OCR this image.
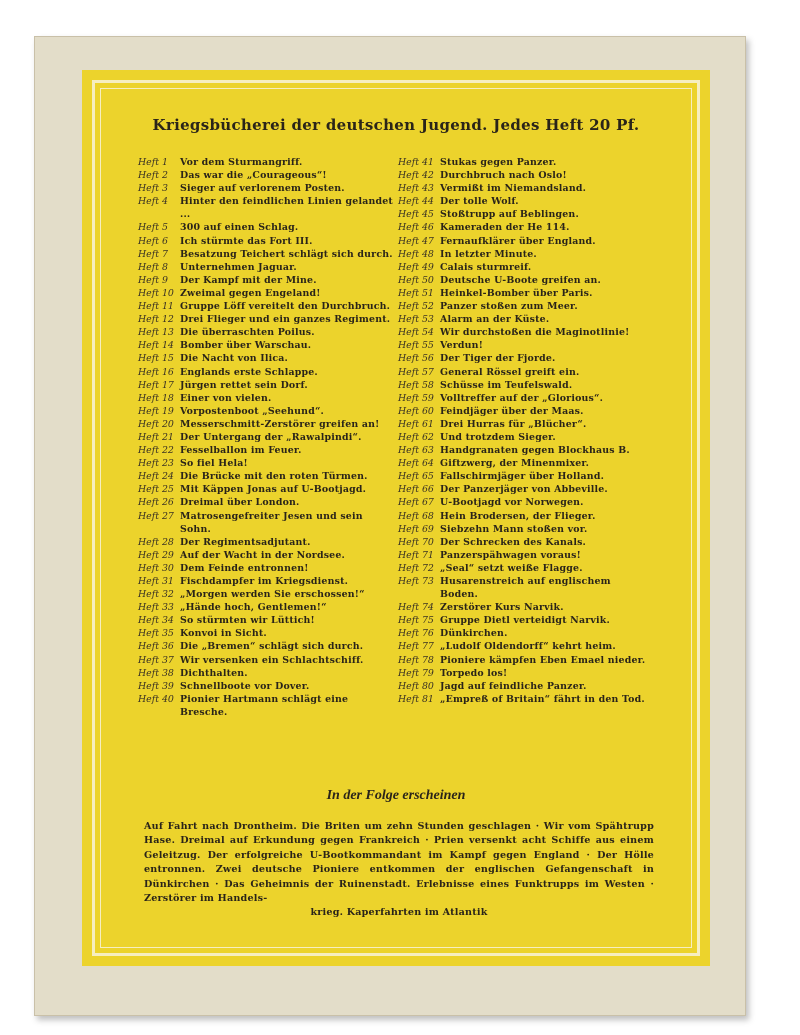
Kriegsbücherei der deutschen Jugend. Jedes Heft 20 Pf.
Heft 1	Vor dem Sturmangriff.
Heft 2	Das war die „Courageous“!
Heft 3	Sieger auf verlorenem Posten.
Heft 4	Hinter den feindlichen Linien gelandet ...
Heft 5	300 auf einen Schlag.
Heft 6	Ich stürmte das Fort III.
Heft 7	Besatzung Teichert schlägt sich durch.
Heft 8	Unternehmen Jaguar.
Heft 9	Der Kampf mit der Mine.
Heft 10 Zweimal gegen Engeland!
Heft 11 Gruppe Löff vereitelt den Durchbruch.
Heft 12 Drei Flieger und ein ganzes Regiment.
Heft 13 Die überraschten Poilus.
Heft 14 Bomber über Warschau.
Heft 15 Die Nacht von Ilica.
Heft 16 Englands erste Schlappe.
Heft 17 Jürgen rettet sein Dorf.
Heft 18 Einer von vielen.
Heft 19 Vorpostenboot „Seehund“.
Heft 20 Messerschmitt-Zerstörer greifen an!
Heft 21 Der Untergang der „Rawalpindi“.
Heft 22 Fesselballon im Feuer.
Heft 23 So fiel Hela!
Heft 24 Die Brücke mit den roten Türmen.
Heft 25 Mit Käppen Jonas auf U-Bootjagd.
Heft 26 Dreimal über London.
Heft 27 Matrosengefreiter Jesen und sein Sohn.
Heft 28 Der Regimentsadjutant.
Heft 29 Auf der Wacht in der Nordsee.
Heft 30 Dem Feinde entronnen!
Heft 31 Fischdampfer im Kriegsdienst.
Heft 32 „Morgen werden Sie erschossen!“
Heft 33 „Hände hoch, Gentlemen!“
Heft 34 So stürmten wir Lüttich!
Heft 35 Konvoi in Sicht.
Heft 36 Die „Bremen“ schlägt sich durch.
Heft 37 Wir versenken ein Schlachtschiff.
Heft 38 Dichthalten.
Heft 39 Schnellboote vor Dover.
Heft 40 Pionier Hartmann schlägt eine Bresche.
Heft 41 Stukas gegen Panzer.
Heft 42 Durchbruch nach Oslo!
Heft 43 Vermißt im Niemandsland.
Heft 44 Der tolle Wolf.
Heft 45 Stoßtrupp auf Beblingen.
Heft 46 Kameraden der He 114.
Heft 47 Fernaufklärer über England.
Heft 48 In letzter Minute.
Heft 49 Calais sturmreif.
Heft 50 Deutsche U-Boote greifen an.
Heft 51 Heinkel-Bomber über Paris.
Heft 52 Panzer stoßen zum Meer.
Heft 53 Alarm an der Küste.
Heft 54 Wir durchstoßen die Maginotlinie!
Heft 55 Verdun!
Heft 56 Der Tiger der Fjorde.
Heft 57 General Rössel greift ein.
Heft 58 Schüsse im Teufelswald.
Heft 59 Volltreffer auf der „Glorious“.
Heft 60 Feindjäger über der Maas.
Heft 61 Drei Hurras für „Blücher“.
Heft 62 Und trotzdem Sieger.
Heft 63 Handgranaten gegen Blockhaus B.
Heft 64 Giftzwerg, der Minenmixer.
Heft 65 Fallschirmjäger über Holland.
Heft 66 Der Panzerjäger von Abbeville.
Heft 67 U-Bootjagd vor Norwegen.
Heft 68 Hein Brodersen, der Flieger.
Heft 69 Siebzehn Mann stoßen vor.
Heft 70 Der Schrecken des Kanals.
Heft 71 Panzerspähwagen voraus!
Heft 72 „Seal“ setzt weiße Flagge.
Heft 73 Husarenstreich auf englischem Boden.
Heft 74 Zerstörer Kurs Narvik.
Heft 75 Gruppe Dietl verteidigt Narvik.
Heft 76 Dünkirchen.
Heft 77 „Ludolf Oldendorff“ kehrt heim.
Heft 78 Pioniere kämpfen Eben Emael nieder.
Heft 79 Torpedo los!
Heft 80 Jagd auf feindliche Panzer.
Heft 81 „Empreß of Britain“ fährt in den Tod.
In der Folge erscheinen
Auf Fahrt nach Drontheim. Die Briten um zehn Stunden geschlagen · Wir vom Spähtrupp Hase. Dreimal auf Erkundung gegen Frankreich · Prien versenkt acht Schiffe aus einem Geleitzug. Der erfolgreiche U-Bootkommandant im Kampf gegen England · Der Hölle entronnen. Zwei deutsche Pioniere entkommen der englischen Gefangenschaft in Dünkirchen · Das Geheimnis der Ruinenstadt. Erlebnisse eines Funktrupps im Westen · Zerstörer im Handels-
krieg. Kaperfahrten im Atlantik
